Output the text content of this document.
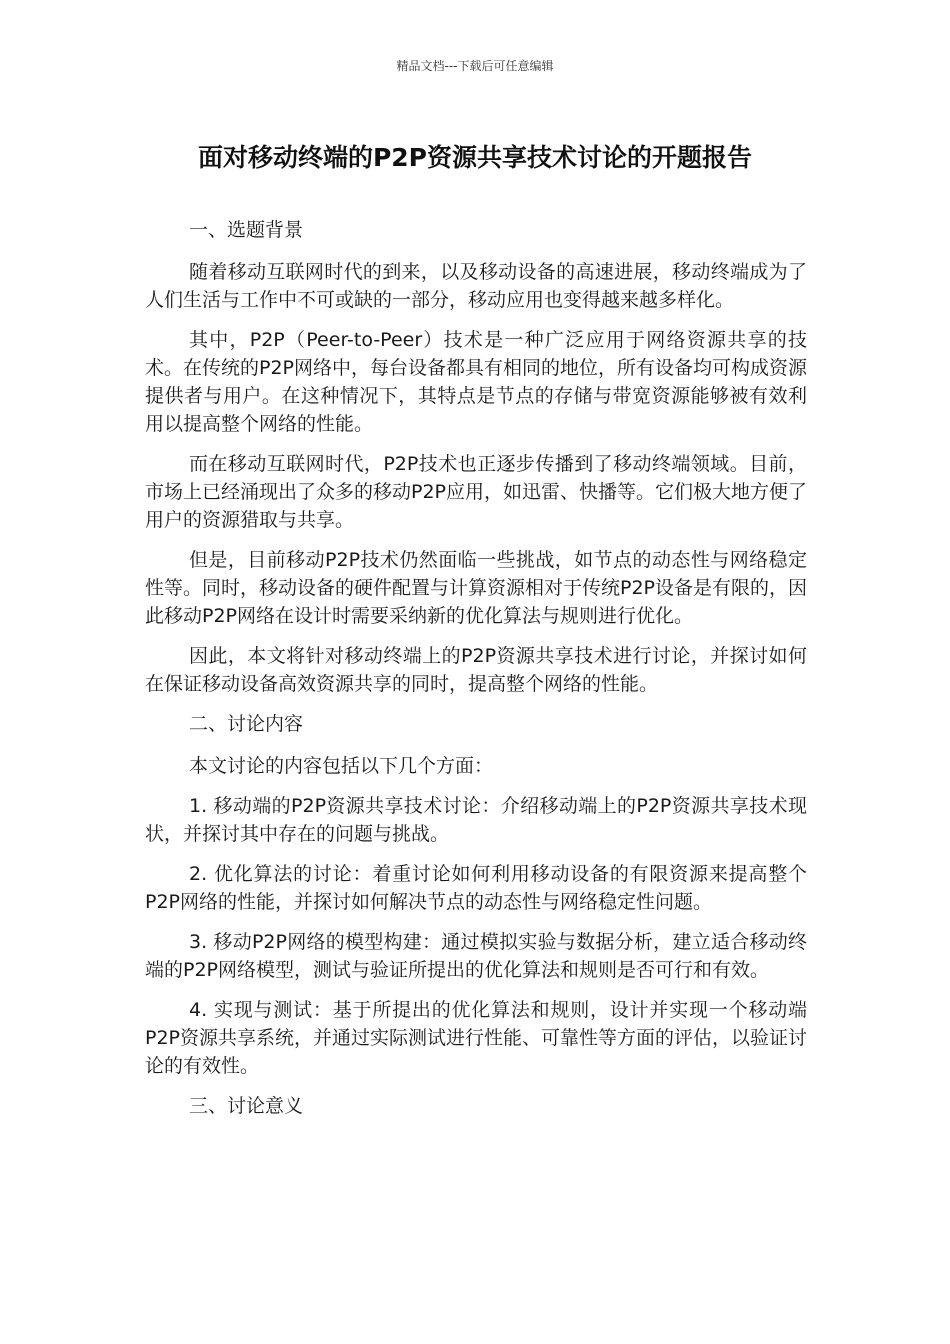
精品文档---下载后可任意编辑
面对移动终端的P2P资源共享技术讨论的开题报告

一、选题背景

随着移动互联网时代的到来，以及移动设备的高速进展，移动终端成为了人们生活与工作中不可或缺的一部分，移动应用也变得越来越多样化。

其中，P2P（Peer-to-Peer）技术是一种广泛应用于网络资源共享的技术。在传统的P2P网络中，每台设备都具有相同的地位，所有设备均可构成资源提供者与用户。在这种情况下，其特点是节点的存储与带宽资源能够被有效利用以提高整个网络的性能。

而在移动互联网时代，P2P技术也正逐步传播到了移动终端领域。目前，市场上已经涌现出了众多的移动P2P应用，如迅雷、快播等。它们极大地方便了用户的资源猎取与共享。

但是，目前移动P2P技术仍然面临一些挑战，如节点的动态性与网络稳定性等。同时，移动设备的硬件配置与计算资源相对于传统P2P设备是有限的，因此移动P2P网络在设计时需要采纳新的优化算法与规则进行优化。

因此，本文将针对移动终端上的P2P资源共享技术进行讨论，并探讨如何在保证移动设备高效资源共享的同时，提高整个网络的性能。

二、讨论内容

本文讨论的内容包括以下几个方面：

1. 移动端的P2P资源共享技术讨论：介绍移动端上的P2P资源共享技术现状，并探讨其中存在的问题与挑战。

2. 优化算法的讨论：着重讨论如何利用移动设备的有限资源来提高整个P2P网络的性能，并探讨如何解决节点的动态性与网络稳定性问题。

3. 移动P2P网络的模型构建：通过模拟实验与数据分析，建立适合移动终端的P2P网络模型，测试与验证所提出的优化算法和规则是否可行和有效。

4. 实现与测试：基于所提出的优化算法和规则，设计并实现一个移动端P2P资源共享系统，并通过实际测试进行性能、可靠性等方面的评估，以验证讨论的有效性。

三、讨论意义
